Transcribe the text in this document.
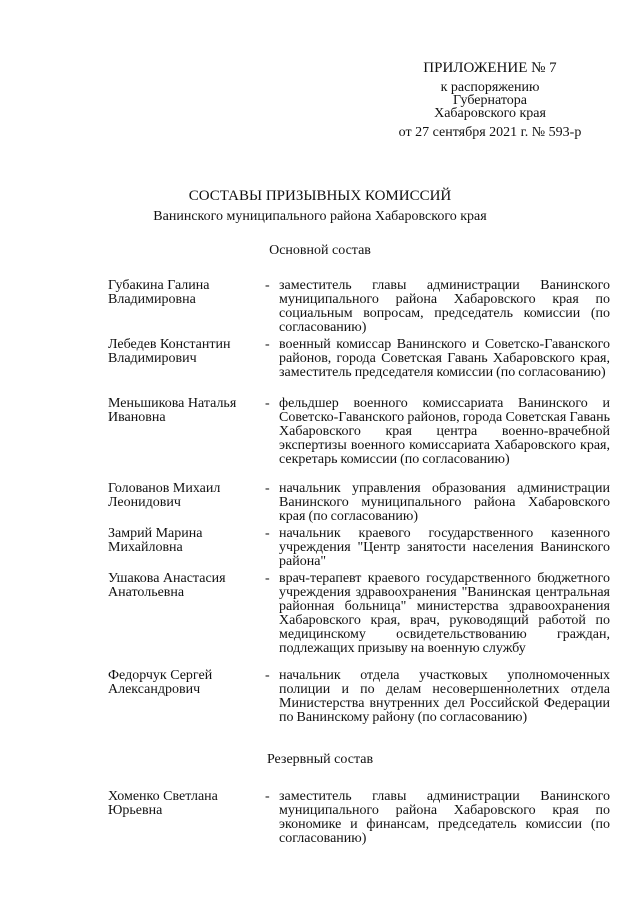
ПРИЛОЖЕНИЕ № 7
к распоряжению
Губернатора
Хабаровского края
от 27 сентября 2021 г. № 593-р
СОСТАВЫ ПРИЗЫВНЫХ КОМИССИЙ
Ванинского муниципального района Хабаровского края
Основной состав
Губакина Галина Владимировна
- заместитель главы администрации Ванинского муниципального района Хабаровского края по социальным вопросам, председатель комиссии (по согласованию)
Лебедев Константин Владимирович
- военный комиссар Ванинского и Советско-Гаванского районов, города Советская Гавань Хабаровского края, заместитель председателя комиссии (по согласованию)
Меньшикова Наталья Ивановна
- фельдшер военного комиссариата Ванинского и Советско-Гаванского районов, города Советская Гавань Хабаровского края центра военно-врачебной экспертизы военного комиссариата Хабаровского края, секретарь комиссии (по согласованию)
Голованов Михаил Леонидович
- начальник управления образования администрации Ванинского муниципального района Хабаровского края (по согласованию)
Замрий Марина Михайловна
- начальник краевого государственного казенного учреждения "Центр занятости населения Ванинского района"
Ушакова Анастасия Анатольевна
- врач-терапевт краевого государственного бюджетного учреждения здравоохранения "Ванинская центральная районная больница" министерства здравоохранения Хабаровского края, врач, руководящий работой по медицинскому освидетельствованию граждан, подлежащих призыву на военную службу
Федорчук Сергей Александрович
- начальник отдела участковых уполномоченных полиции и по делам несовершеннолетних отдела Министерства внутренних дел Российской Федерации по Ванинскому району (по согласованию)
Резервный состав
Хоменко Светлана Юрьевна
- заместитель главы администрации Ванинского муниципального района Хабаровского края по экономике и финансам, председатель комиссии (по согласованию)
